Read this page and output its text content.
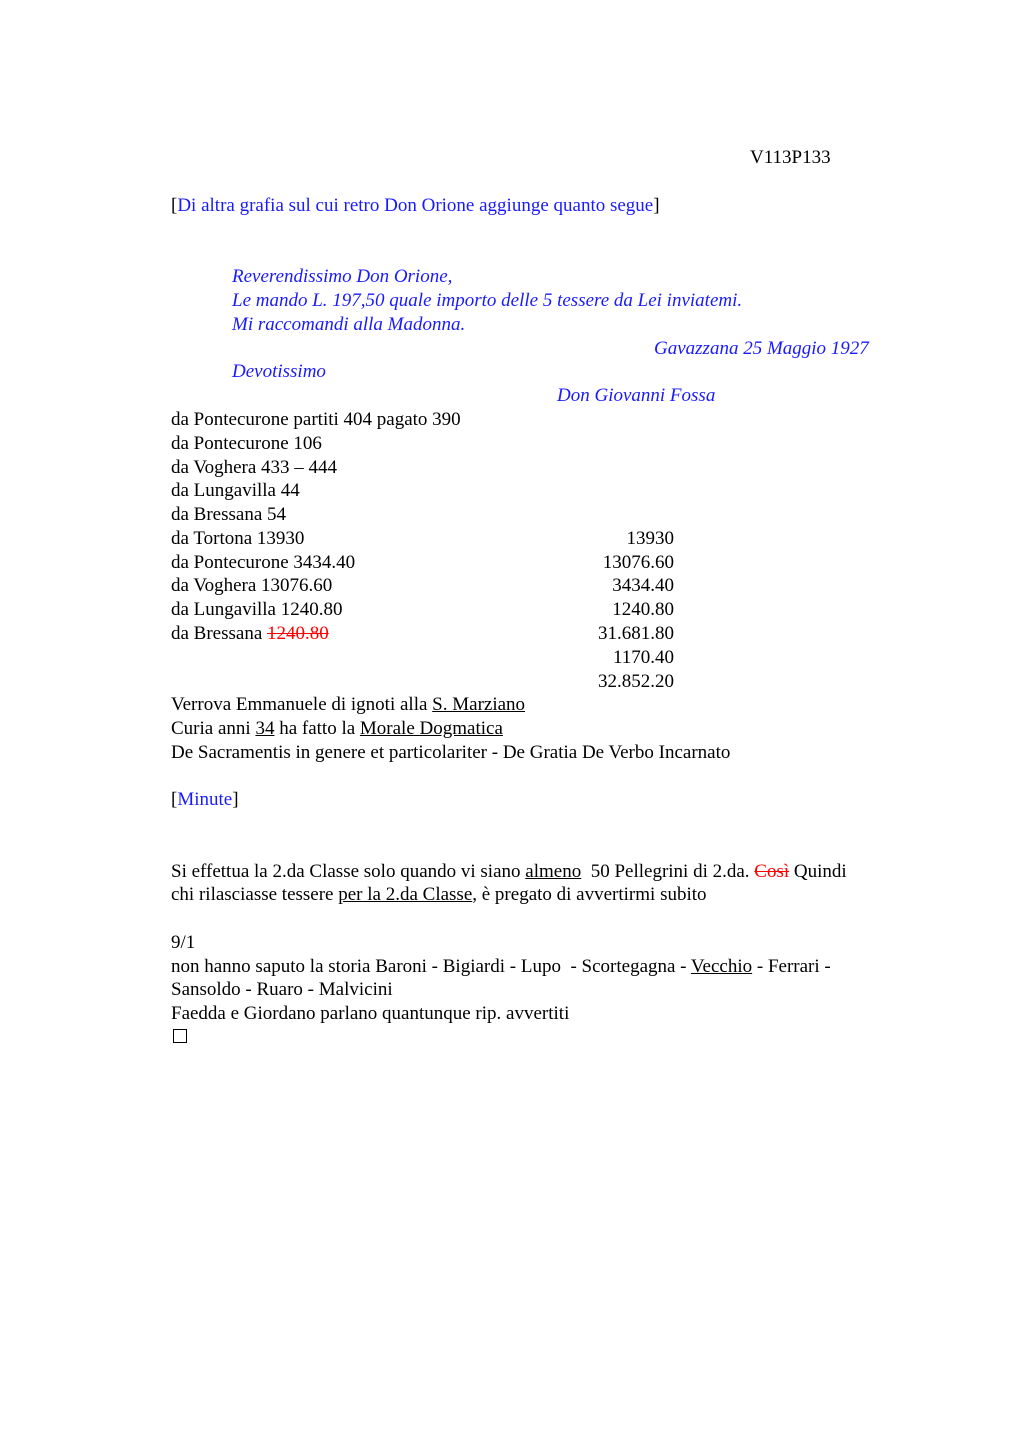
V113P133
[Di altra grafia sul cui retro Don Orione aggiunge quanto segue]
Reverendissimo Don Orione,
Le mando L. 197,50 quale importo delle 5 tessere da Lei inviatemi.
Mi raccomandi alla Madonna.
Gavazzana 25 Maggio 1927
Devotissimo
Don Giovanni Fossa
da Pontecurone partiti 404 pagato 390
da Pontecurone 106
da Voghera 433 – 444
da Lungavilla 44
da Bressana 54
da Tortona 13930
da Pontecurone 3434.40
da Voghera 13076.60
da Lungavilla 1240.80
da Bressana 1240.80
13930
13076.60
3434.40
1240.80
31.681.80
1170.40
32.852.20
Verrova Emmanuele di ignoti alla S. Marziano
Curia anni 34 ha fatto la Morale Dogmatica
De Sacramentis in genere et particolariter - De Gratia De Verbo Incarnato
[Minute]
Si effettua la 2.da Classe solo quando vi siano almeno  50 Pellegrini di 2.da. Così Quindi
chi rilasciasse tessere per la 2.da Classe, è pregato di avvertirmi subito
9/1
non hanno saputo la storia Baroni - Bigiardi - Lupo  - Scortegagna - Vecchio - Ferrari -
Sansoldo - Ruaro - Malvicini
Faedda e Giordano parlano quantunque rip. avvertiti
